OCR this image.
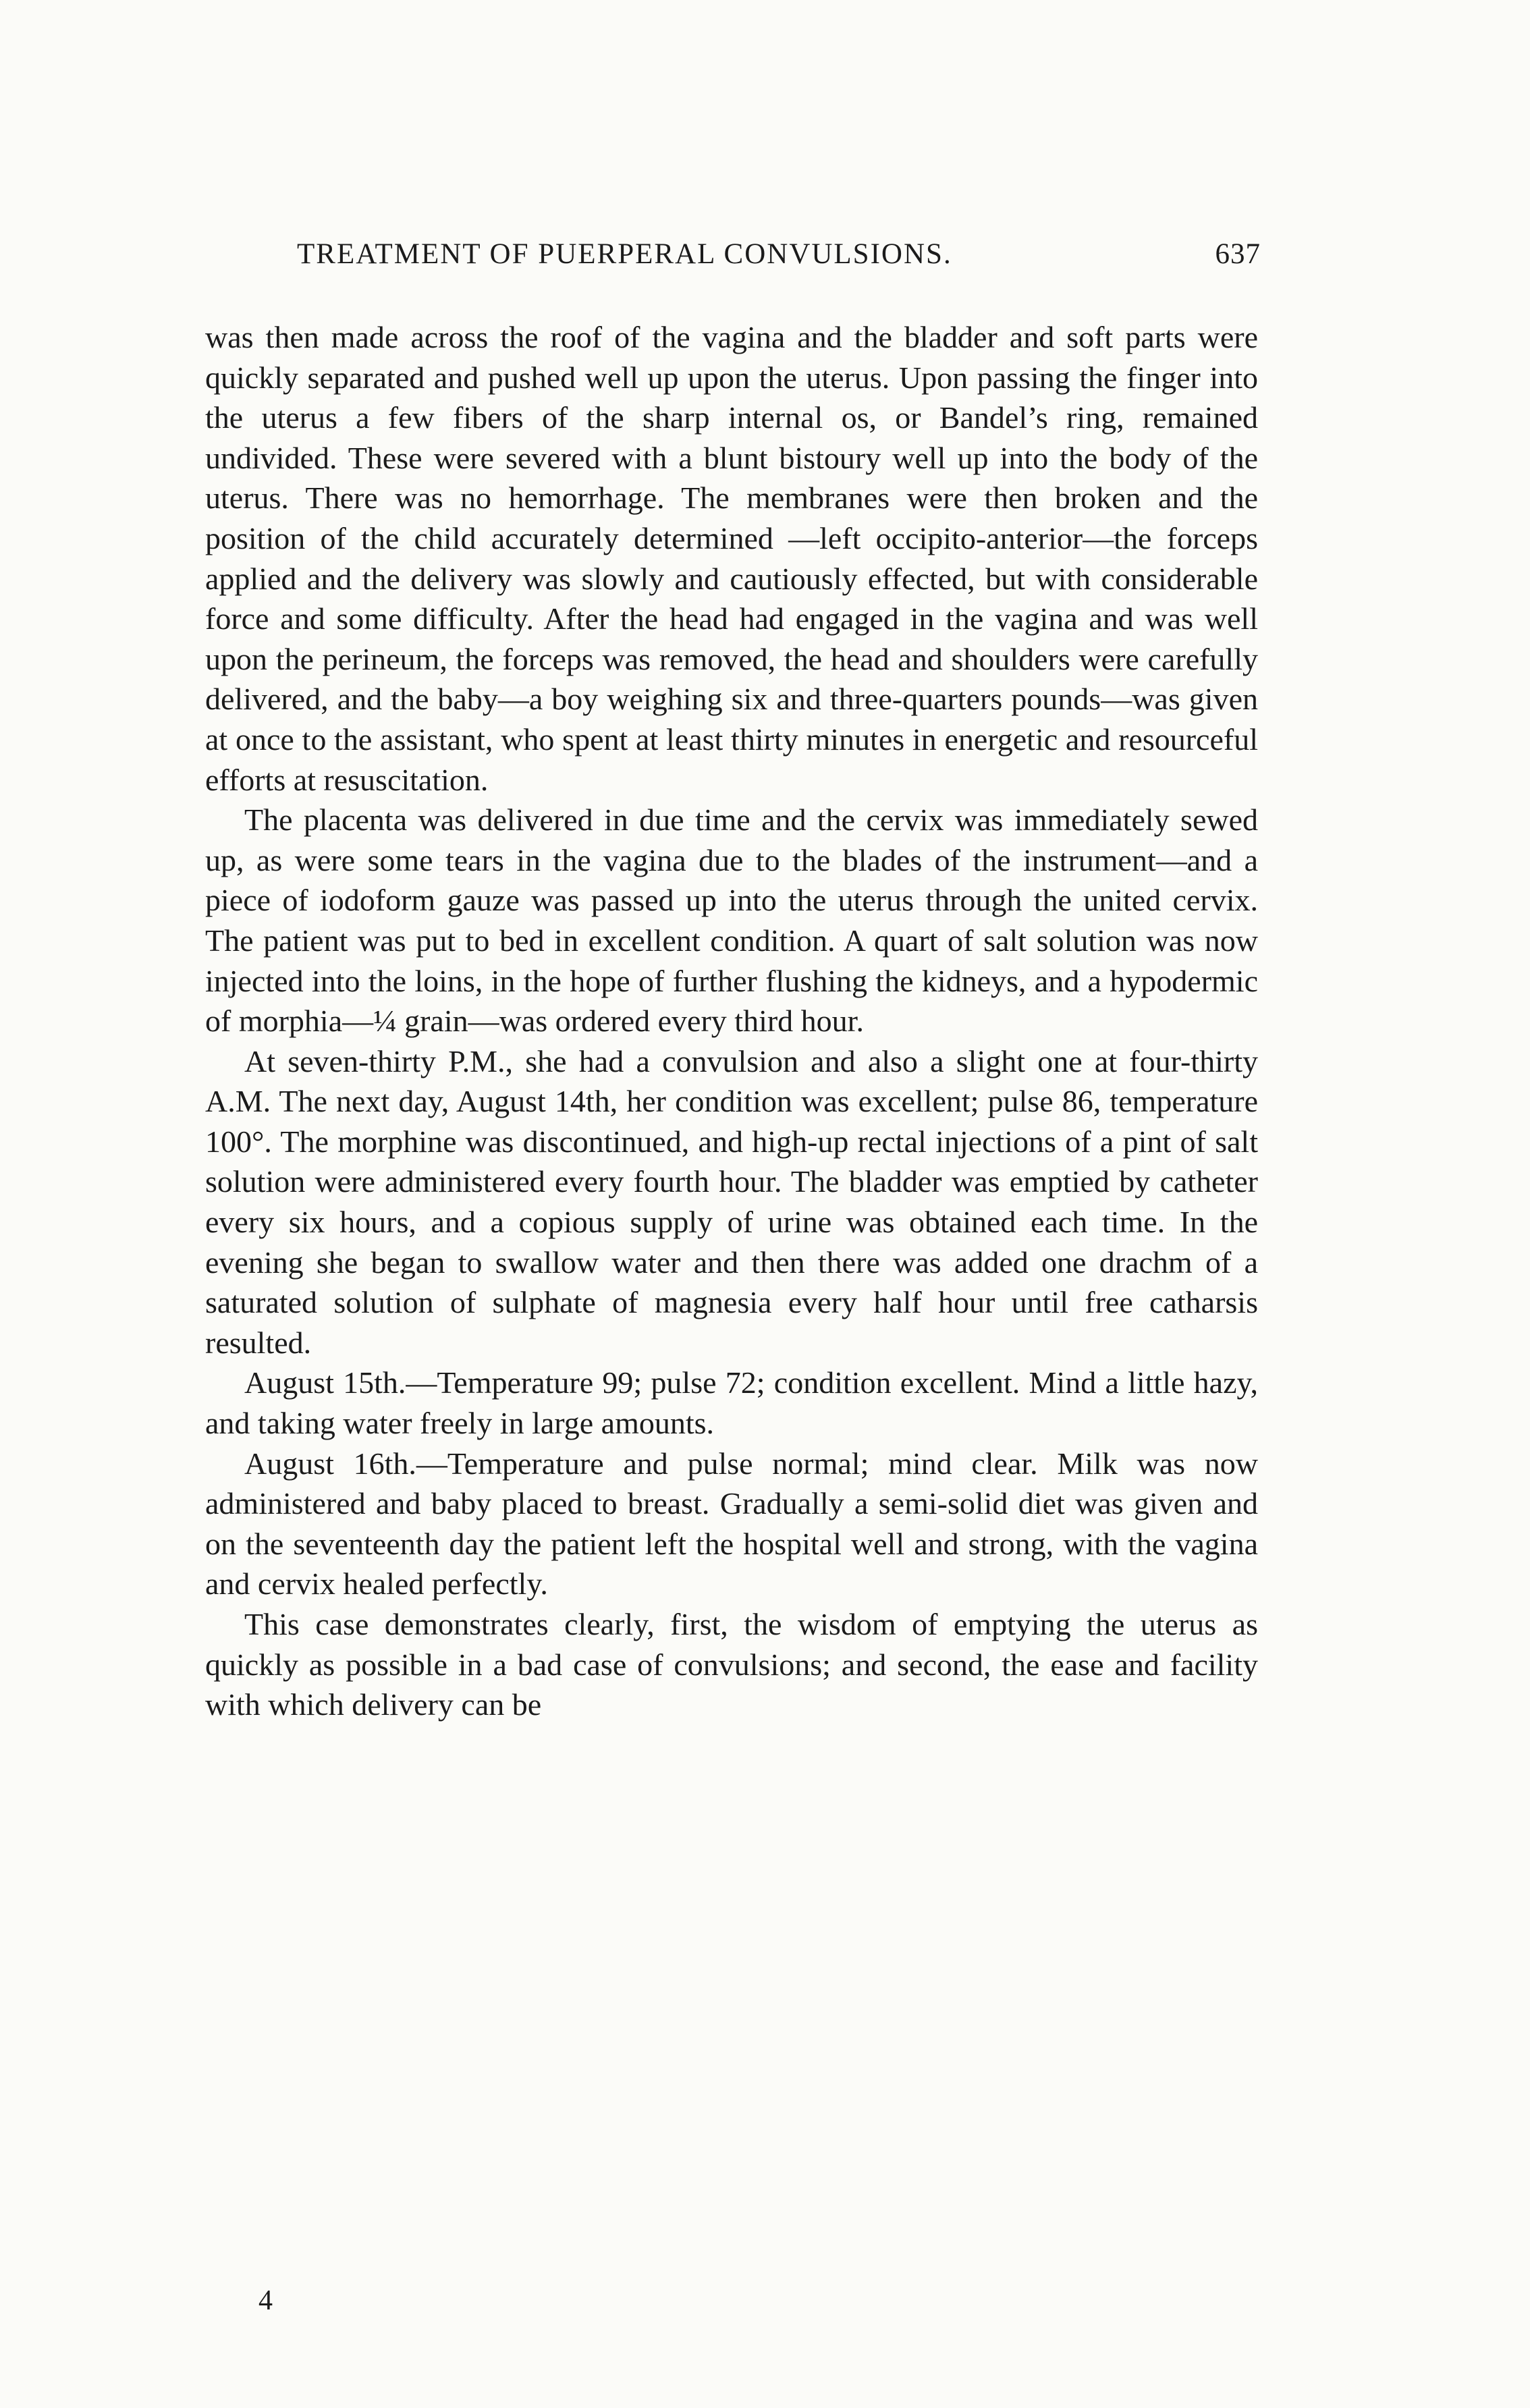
TREATMENT OF PUERPERAL CONVULSIONS.	637

was then made across the roof of the vagina and the bladder and soft parts were quickly separated and pushed well up upon the uterus. Upon passing the finger into the uterus a few fibers of the sharp internal os, or Bandel’s ring, remained undivided. These were severed with a blunt bistoury well up into the body of the uterus. There was no hemorrhage. The membranes were then broken and the position of the child accurately determined —left occipito-anterior—the forceps applied and the delivery was slowly and cautiously effected, but with considerable force and some difficulty. After the head had engaged in the vagina and was well upon the perineum, the forceps was removed, the head and shoulders were carefully delivered, and the baby—a boy weighing six and three-quarters pounds—was given at once to the assistant, who spent at least thirty minutes in energetic and resourceful efforts at resuscitation.

The placenta was delivered in due time and the cervix was immediately sewed up, as were some tears in the vagina due to the blades of the instrument—and a piece of iodoform gauze was passed up into the uterus through the united cervix. The patient was put to bed in excellent condition. A quart of salt solution was now injected into the loins, in the hope of further flushing the kidneys, and a hypodermic of morphia—¼ grain—was ordered every third hour.

At seven-thirty P.M., she had a convulsion and also a slight one at four-thirty A.M. The next day, August 14th, her condition was excellent; pulse 86, temperature 100°. The morphine was discontinued, and high-up rectal injections of a pint of salt solution were administered every fourth hour. The bladder was emptied by catheter every six hours, and a copious supply of urine was obtained each time. In the evening she began to swallow water and then there was added one drachm of a saturated solution of sulphate of magnesia every half hour until free catharsis resulted.

August 15th.—Temperature 99; pulse 72; condition excellent. Mind a little hazy, and taking water freely in large amounts.

August 16th.—Temperature and pulse normal; mind clear. Milk was now administered and baby placed to breast. Gradually a semi-solid diet was given and on the seventeenth day the patient left the hospital well and strong, with the vagina and cervix healed perfectly.

This case demonstrates clearly, first, the wisdom of emptying the uterus as quickly as possible in a bad case of convulsions; and second, the ease and facility with which delivery can be

4
